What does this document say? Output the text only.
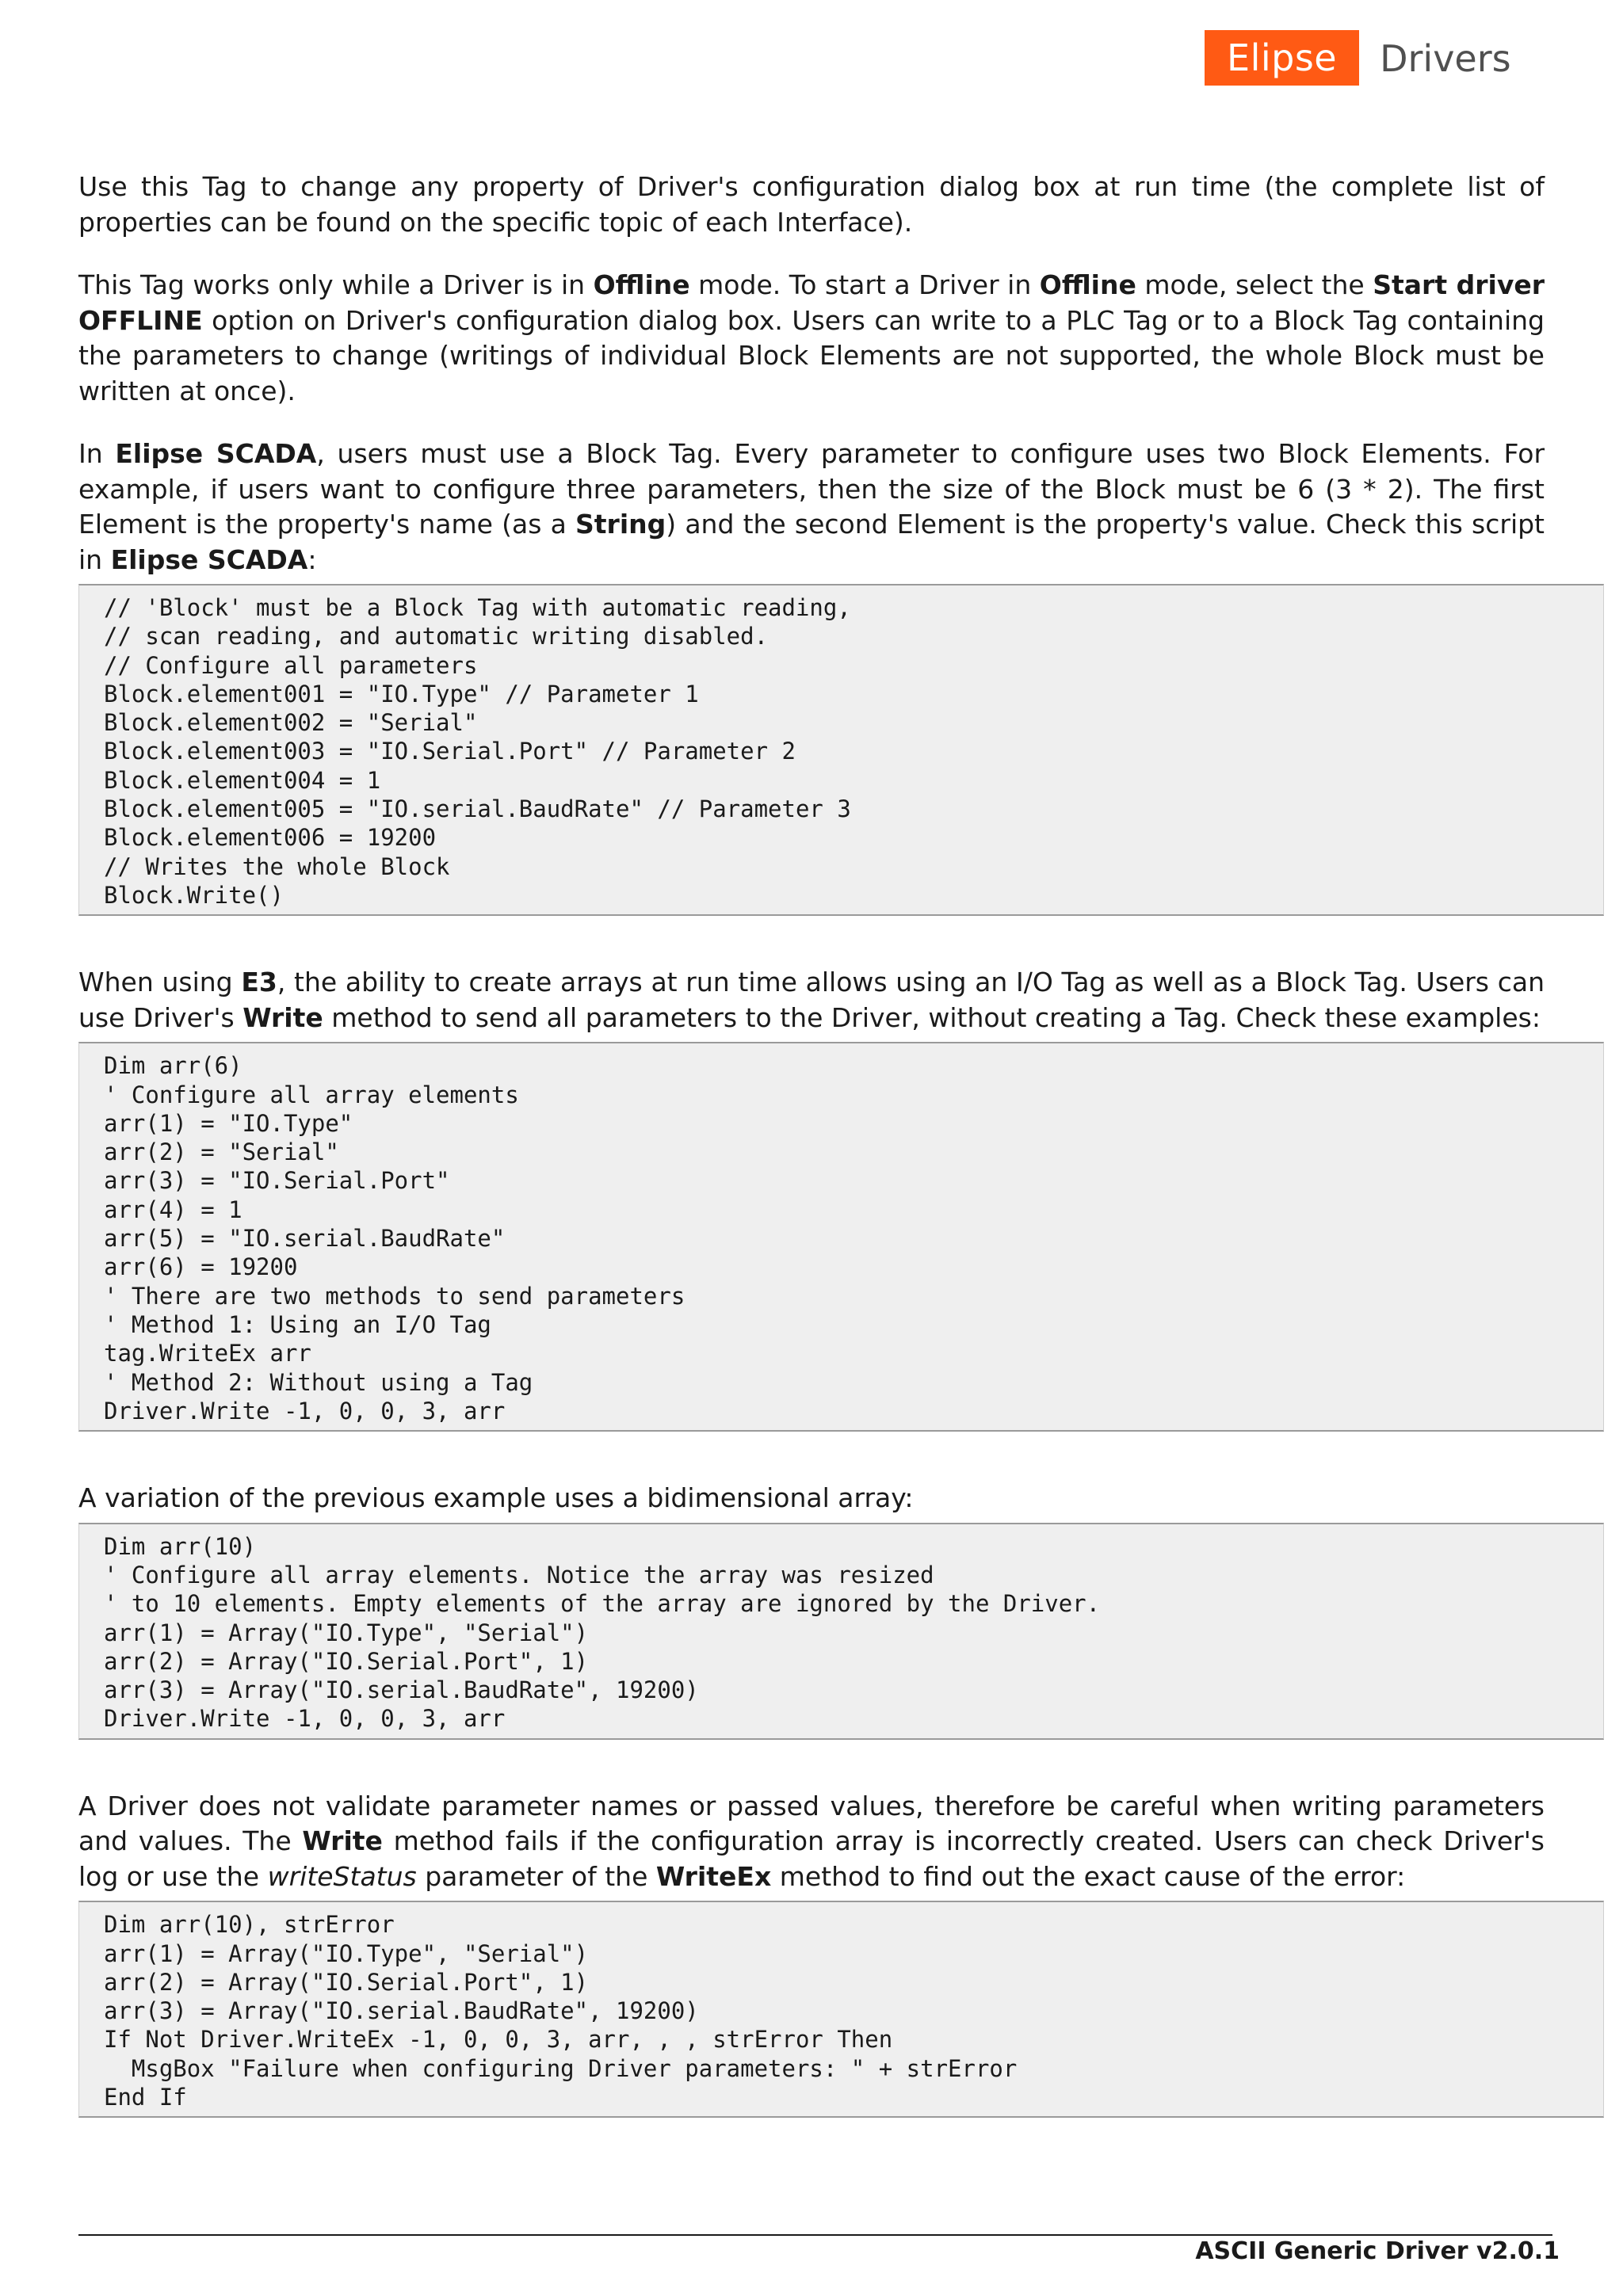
Elipse	Drivers

Use this Tag to change any property of Driver's configuration dialog box at run time (the complete list of properties can be found on the specific topic of each Interface).

This Tag works only while a Driver is in Offline mode. To start a Driver in Offline mode, select the Start driver OFFLINE option on Driver's configuration dialog box. Users can write to a PLC Tag or to a Block Tag containing the parameters to change (writings of individual Block Elements are not supported, the whole Block must be written at once).

In Elipse SCADA, users must use a Block Tag. Every parameter to configure uses two Block Elements. For example, if users want to configure three parameters, then the size of the Block must be 6 (3 * 2). The first Element is the property's name (as a String) and the second Element is the property's value. Check this script in Elipse SCADA:

// 'Block' must be a Block Tag with automatic reading,
// scan reading, and automatic writing disabled.
// Configure all parameters
Block.element001 = "IO.Type" // Parameter 1
Block.element002 = "Serial"
Block.element003 = "IO.Serial.Port" // Parameter 2
Block.element004 = 1
Block.element005 = "IO.serial.BaudRate" // Parameter 3
Block.element006 = 19200
// Writes the whole Block
Block.Write()

When using E3, the ability to create arrays at run time allows using an I/O Tag as well as a Block Tag. Users can use Driver's Write method to send all parameters to the Driver, without creating a Tag. Check these examples:

Dim arr(6)
' Configure all array elements
arr(1) = "IO.Type"
arr(2) = "Serial"
arr(3) = "IO.Serial.Port"
arr(4) = 1
arr(5) = "IO.serial.BaudRate"
arr(6) = 19200
' There are two methods to send parameters
' Method 1: Using an I/O Tag
tag.WriteEx arr
' Method 2: Without using a Tag
Driver.Write -1, 0, 0, 3, arr

A variation of the previous example uses a bidimensional array:

Dim arr(10)
' Configure all array elements. Notice the array was resized
' to 10 elements. Empty elements of the array are ignored by the Driver.
arr(1) = Array("IO.Type", "Serial")
arr(2) = Array("IO.Serial.Port", 1)
arr(3) = Array("IO.serial.BaudRate", 19200)
Driver.Write -1, 0, 0, 3, arr

A Driver does not validate parameter names or passed values, therefore be careful when writing parameters and values. The Write method fails if the configuration array is incorrectly created. Users can check Driver's log or use the writeStatus parameter of the WriteEx method to find out the exact cause of the error:

Dim arr(10), strError
arr(1) = Array("IO.Type", "Serial")
arr(2) = Array("IO.Serial.Port", 1)
arr(3) = Array("IO.serial.BaudRate", 19200)
If Not Driver.WriteEx -1, 0, 0, 3, arr, , , strError Then
MsgBox "Failure when configuring Driver parameters: " + strError
End If
ASCII Generic Driver v2.0.1
